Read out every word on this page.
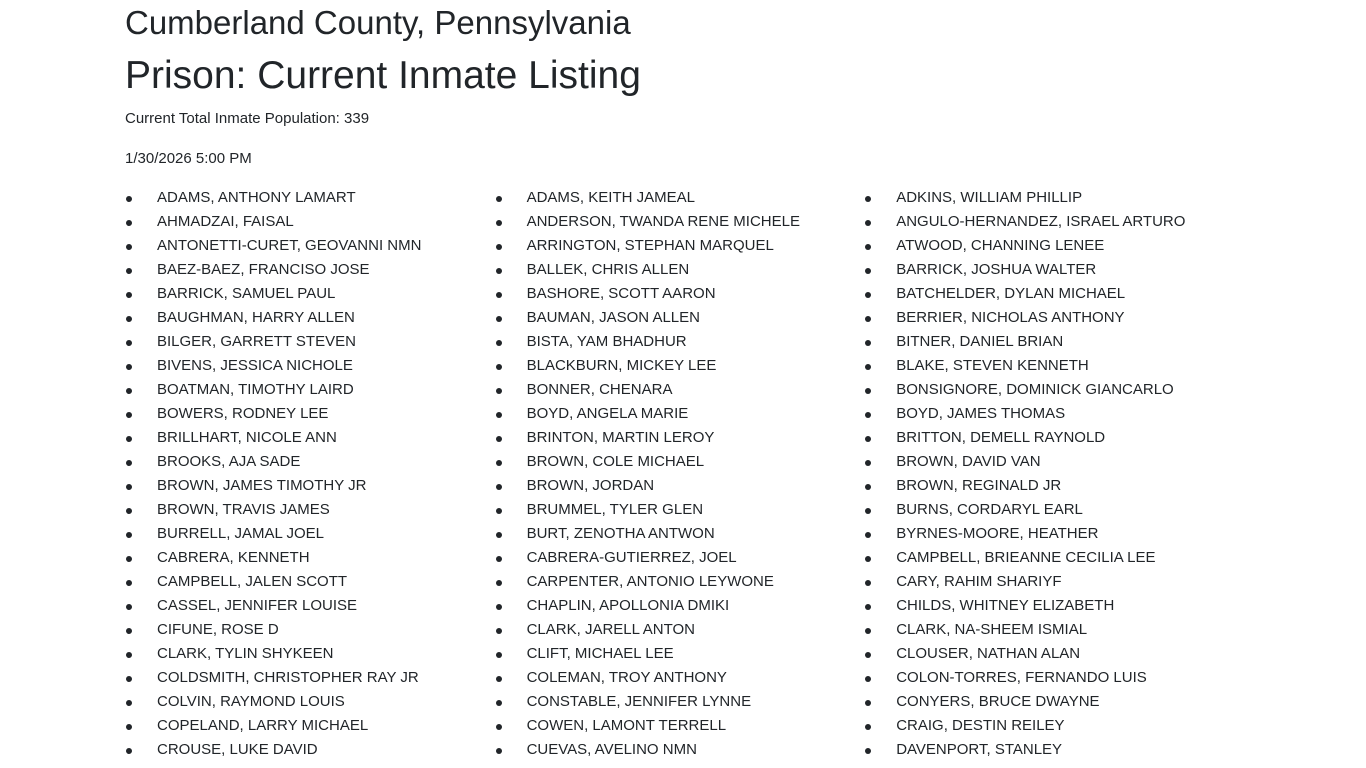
Cumberland County, Pennsylvania
Prison: Current Inmate Listing

Current Total Inmate Population: 339

1/30/2026 5:00 PM

ADAMS, ANTHONY LAMART
AHMADZAI, FAISAL
ANTONETTI-CURET, GEOVANNI NMN
BAEZ-BAEZ, FRANCISO JOSE
BARRICK, SAMUEL PAUL
BAUGHMAN, HARRY ALLEN
BILGER, GARRETT STEVEN
BIVENS, JESSICA NICHOLE
BOATMAN, TIMOTHY LAIRD
BOWERS, RODNEY LEE
BRILLHART, NICOLE ANN
BROOKS, AJA SADE
BROWN, JAMES TIMOTHY JR
BROWN, TRAVIS JAMES
BURRELL, JAMAL JOEL
CABRERA, KENNETH
CAMPBELL, JALEN SCOTT
CASSEL, JENNIFER LOUISE
CIFUNE, ROSE D
CLARK, TYLIN SHYKEEN
COLDSMITH, CHRISTOPHER RAY JR
COLVIN, RAYMOND LOUIS
COPELAND, LARRY MICHAEL
CROUSE, LUKE DAVID
ADAMS, KEITH JAMEAL
ANDERSON, TWANDA RENE MICHELE
ARRINGTON, STEPHAN MARQUEL
BALLEK, CHRIS ALLEN
BASHORE, SCOTT AARON
BAUMAN, JASON ALLEN
BISTA, YAM BHADHUR
BLACKBURN, MICKEY LEE
BONNER, CHENARA
BOYD, ANGELA MARIE
BRINTON, MARTIN LEROY
BROWN, COLE MICHAEL
BROWN, JORDAN
BRUMMEL, TYLER GLEN
BURT, ZENOTHA ANTWON
CABRERA-GUTIERREZ, JOEL
CARPENTER, ANTONIO LEYWONE
CHAPLIN, APOLLONIA DMIKI
CLARK, JARELL ANTON
CLIFT, MICHAEL LEE
COLEMAN, TROY ANTHONY
CONSTABLE, JENNIFER LYNNE
COWEN, LAMONT TERRELL
CUEVAS, AVELINO NMN
ADKINS, WILLIAM PHILLIP
ANGULO-HERNANDEZ, ISRAEL ARTURO
ATWOOD, CHANNING LENEE
BARRICK, JOSHUA WALTER
BATCHELDER, DYLAN MICHAEL
BERRIER, NICHOLAS ANTHONY
BITNER, DANIEL BRIAN
BLAKE, STEVEN KENNETH
BONSIGNORE, DOMINICK GIANCARLO
BOYD, JAMES THOMAS
BRITTON, DEMELL RAYNOLD
BROWN, DAVID VAN
BROWN, REGINALD JR
BURNS, CORDARYL EARL
BYRNES-MOORE, HEATHER
CAMPBELL, BRIEANNE CECILIA LEE
CARY, RAHIM SHARIYF
CHILDS, WHITNEY ELIZABETH
CLARK, NA-SHEEM ISMIAL
CLOUSER, NATHAN ALAN
COLON-TORRES, FERNANDO LUIS
CONYERS, BRUCE DWAYNE
CRAIG, DESTIN REILEY
DAVENPORT, STANLEY
